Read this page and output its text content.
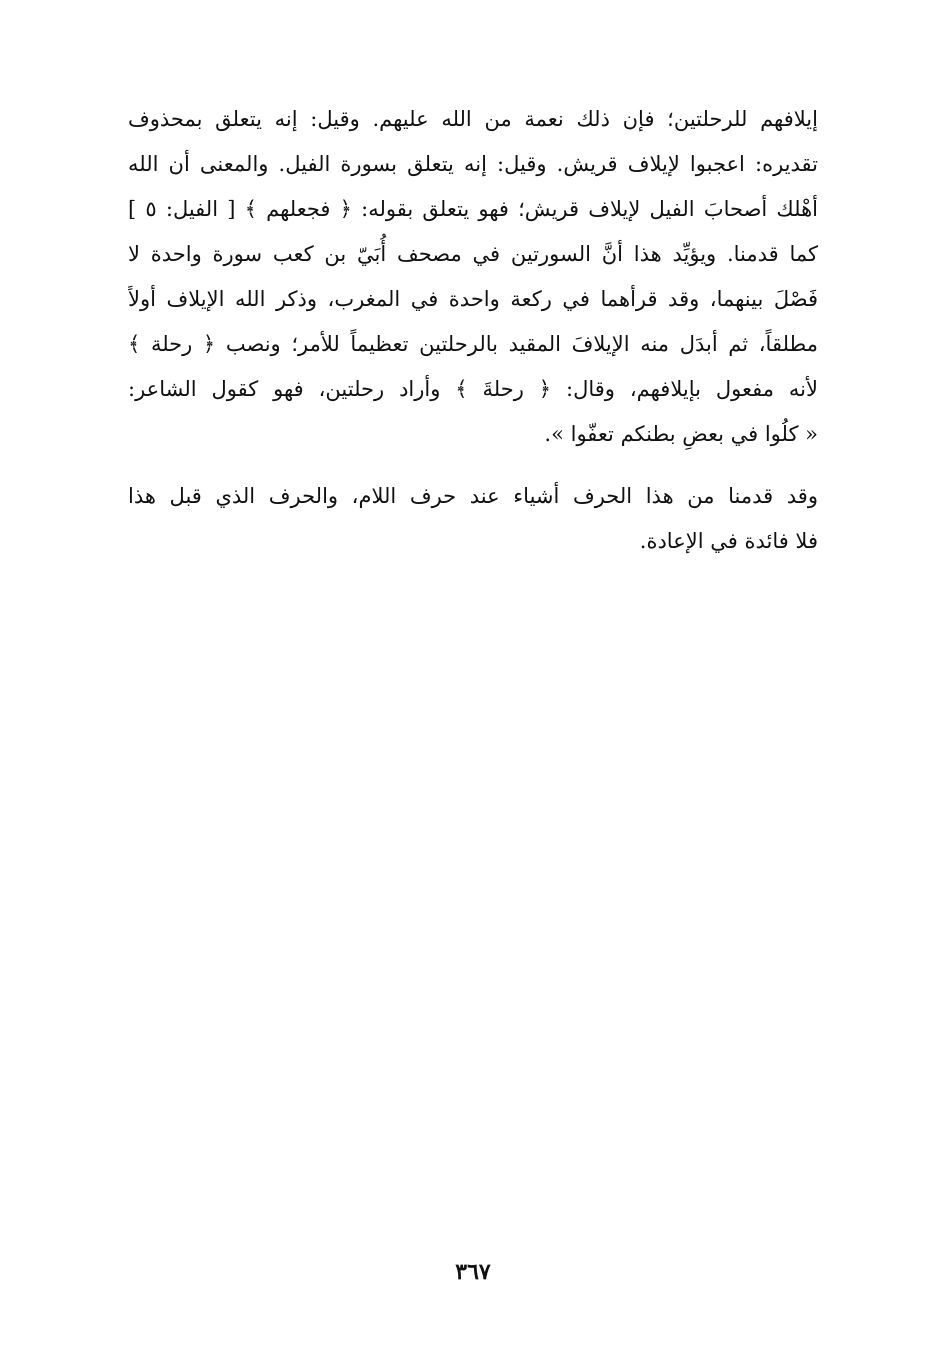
إيلافهم للرحلتين؛ فإن ذلك نعمة من الله عليهم. وقيل: إنه يتعلق بمحذوف
تقديره: اعجبوا لإيلاف قريش. وقيل: إنه يتعلق بسورة الفيل. والمعنى أن الله
أهْلك أصحابَ الفيل لإيلاف قريش؛ فهو يتعلق بقوله: ﴿ فجعلهم ﴾ [ الفيل: ٥ ]
كما قدمنا. ويؤيِّد هذا أنَّ السورتين في مصحف أُبَيّ بن كعب سورة واحدة لا
فَصْلَ بينهما، وقد قرأهما في ركعة واحدة في المغرب، وذكر الله الإيلاف أولاً
مطلقاً، ثم أبدَل منه الإيلافَ المقيد بالرحلتين تعظيماً للأمر؛ ونصب ﴿ رحلة ﴾
لأنه مفعول بإيلافهم، وقال: ﴿ رحلةَ ﴾ وأراد رحلتين، فهو كقول الشاعر:
« كلُوا في بعضِ بطنكم تعفّوا ».
وقد قدمنا من هذا الحرف أشياء عند حرف اللام، والحرف الذي قبل هذا
فلا فائدة في الإعادة.
٣٦٧
